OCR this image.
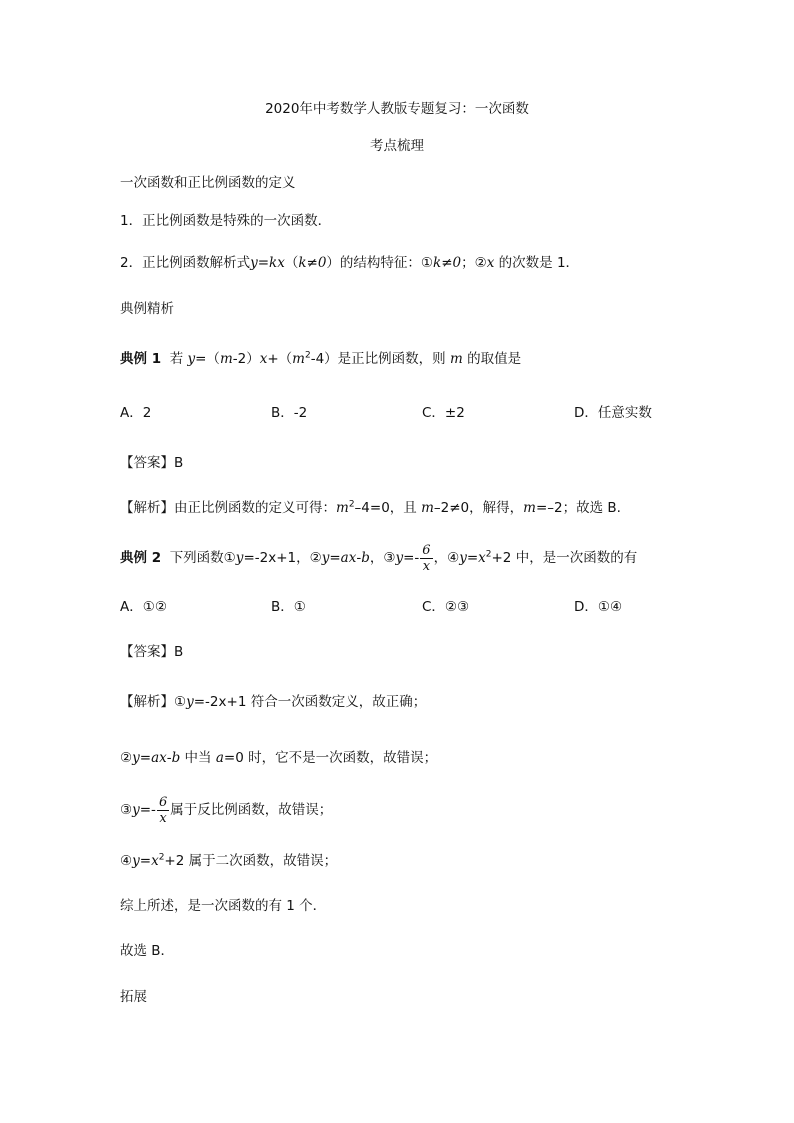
2020年中考数学人教版专题复习：一次函数
考点梳理
一次函数和正比例函数的定义
1．正比例函数是特殊的一次函数．
2．正比例函数解析式y=kx（k≠0）的结构特征：①k≠0；②x 的次数是 1．
典例精析
典例 1 若 $y=(m-2)x+(m^2-4)$是正比例函数，则 m 的取值是
A．2	B．-2	C．±2	D．任意实数
【答案】B
【解析】由正比例函数的定义可得：$m^2-4=0$，且 m–2≠0，解得，m=–2；故选 B.
典例 2 下列函数①y=-2x+1，②y=ax-b，③y=- $\frac{6}{x}$ ，$④y=x^2+2$ 中，是一次函数的有
A．①②	B．①	C．②③	D．①④
【答案】B
【解析】①y=-2x+1 符合一次函数定义，故正确；
②y=ax-b 中当 a=0 时，它不是一次函数，故错误；
③y=- $\frac{6}{x}$ 属于反比例函数，故错误；
$④y=x^2+2$ 属于二次函数，故错误；
综上所述，是一次函数的有 1 个．
故选 B．
拓展
